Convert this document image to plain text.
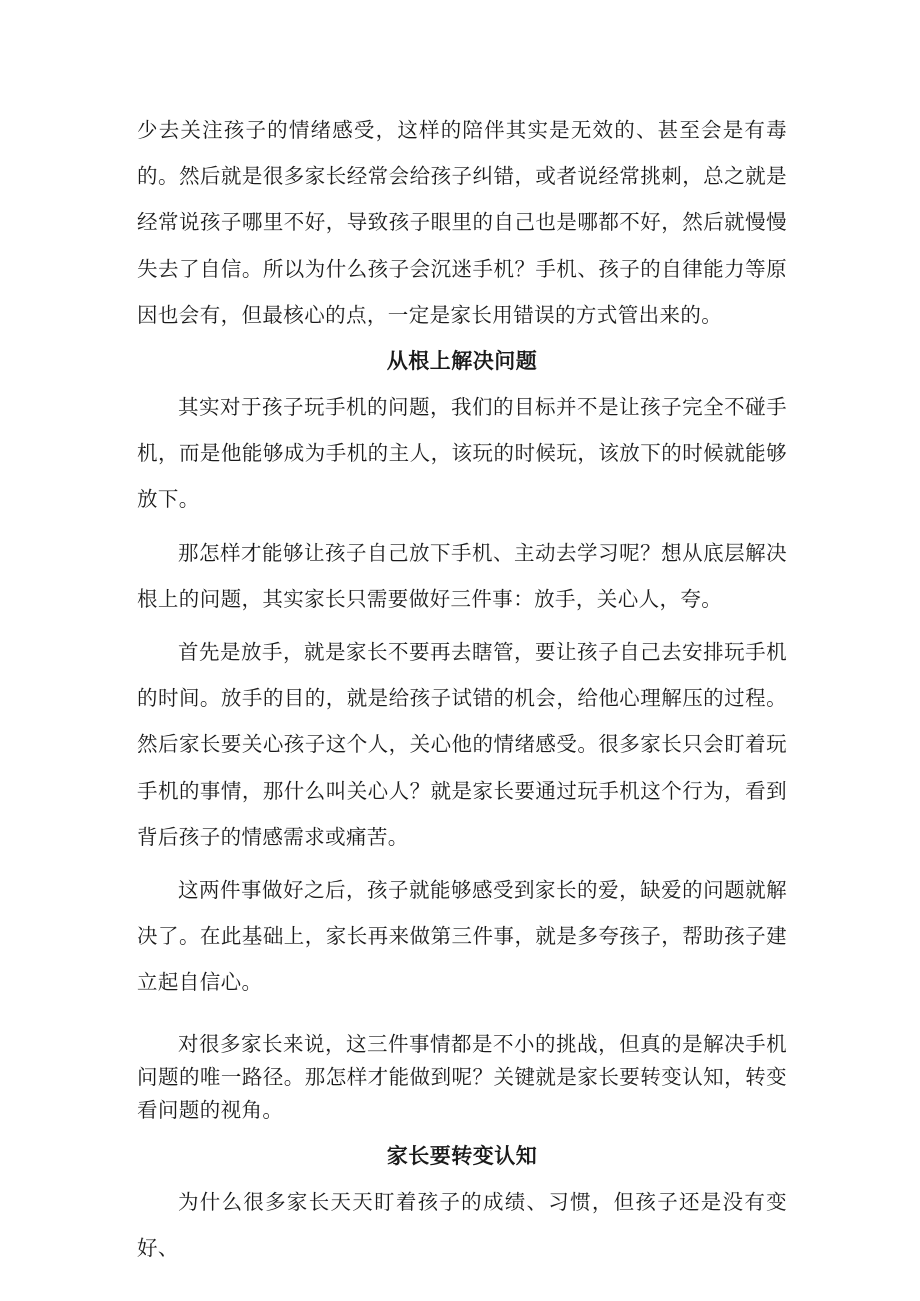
少去关注孩子的情绪感受，这样的陪伴其实是无效的、甚至会是有毒的。然后就是很多家长经常会给孩子纠错，或者说经常挑刺，总之就是经常说孩子哪里不好，导致孩子眼里的自己也是哪都不好，然后就慢慢失去了自信。所以为什么孩子会沉迷手机？手机、孩子的自律能力等原因也会有，但最核心的点，一定是家长用错误的方式管出来的。

从根上解决问题

其实对于孩子玩手机的问题，我们的目标并不是让孩子完全不碰手机，而是他能够成为手机的主人，该玩的时候玩，该放下的时候就能够放下。

那怎样才能够让孩子自己放下手机、主动去学习呢？想从底层解决根上的问题，其实家长只需要做好三件事：放手，关心人，夸。

首先是放手，就是家长不要再去瞎管，要让孩子自己去安排玩手机的时间。放手的目的，就是给孩子试错的机会，给他心理解压的过程。然后家长要关心孩子这个人，关心他的情绪感受。很多家长只会盯着玩手机的事情，那什么叫关心人？就是家长要通过玩手机这个行为，看到背后孩子的情感需求或痛苦。

这两件事做好之后，孩子就能够感受到家长的爱，缺爱的问题就解决了。在此基础上，家长再来做第三件事，就是多夸孩子，帮助孩子建立起自信心。

对很多家长来说，这三件事情都是不小的挑战，但真的是解决手机问题的唯一路径。那怎样才能做到呢？关键就是家长要转变认知，转变看问题的视角。

家长要转变认知

为什么很多家长天天盯着孩子的成绩、习惯，但孩子还是没有变好、
